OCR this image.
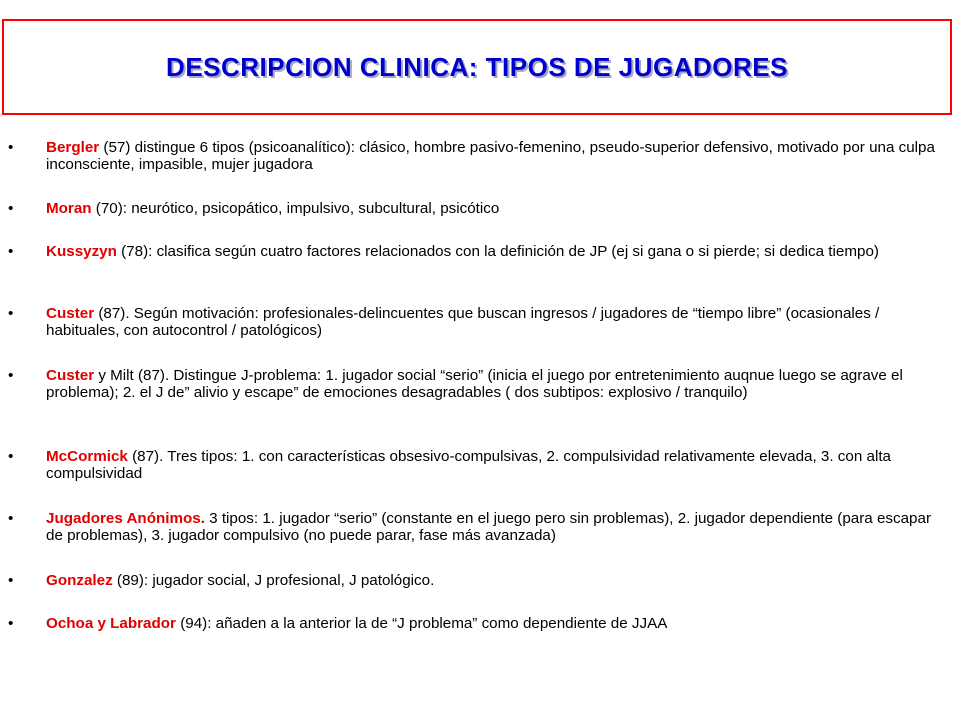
DESCRIPCION CLINICA: TIPOS DE JUGADORES
•	Bergler (57) distingue 6 tipos (psicoanalítico): clásico, hombre pasivo-femenino, pseudo-superior defensivo, motivado por una culpa inconsciente, impasible, mujer jugadora
•	Moran (70): neurótico, psicopático, impulsivo, subcultural, psicótico
•	Kussyzyn (78): clasifica según cuatro factores relacionados con la definición de JP (ej si gana o si pierde; si dedica tiempo)
•	Custer (87). Según motivación: profesionales-delincuentes que buscan ingresos / jugadores de “tiempo libre” (ocasionales / habituales, con autocontrol / patológicos)
•	Custer y Milt (87). Distingue J-problema: 1. jugador social “serio” (inicia el juego por entretenimiento auqnue luego se agrave el problema); 2. el J de” alivio y escape” de emociones desagradables ( dos subtipos: explosivo / tranquilo)
•	McCormick (87). Tres tipos: 1. con características obsesivo-compulsivas, 2. compulsividad relativamente elevada, 3. con alta compulsividad
•	Jugadores Anónimos. 3 tipos: 1. jugador “serio” (constante en el juego pero sin problemas), 2. jugador dependiente (para escapar de problemas), 3. jugador compulsivo (no puede parar, fase más avanzada)
•	Gonzalez (89): jugador social, J profesional, J patológico.
•	Ochoa y Labrador (94): añaden a la anterior la de “J problema” como dependiente de JJAA
